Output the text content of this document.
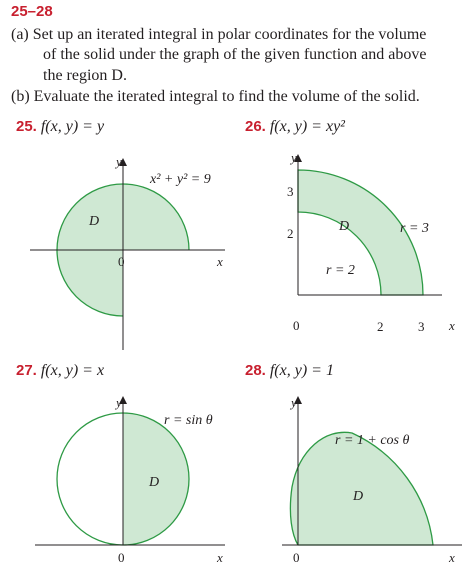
25–28
(a) Set up an iterated integral in polar coordinates for the volume
of the solid under the graph of the given function and above
the region D.
(b) Evaluate the iterated integral to find the volume of the solid.
25. f(x, y) = y	26. f(x, y) = xy²
27. f(x, y) = x	28. f(x, y) = 1
y
x
0
D
x² + y² = 9
y
x
0
3
2
2	3
D	r = 3
r = 2
y
x
0
D
r = sin θ
y
x
0
D
r = 1 + cos θ
